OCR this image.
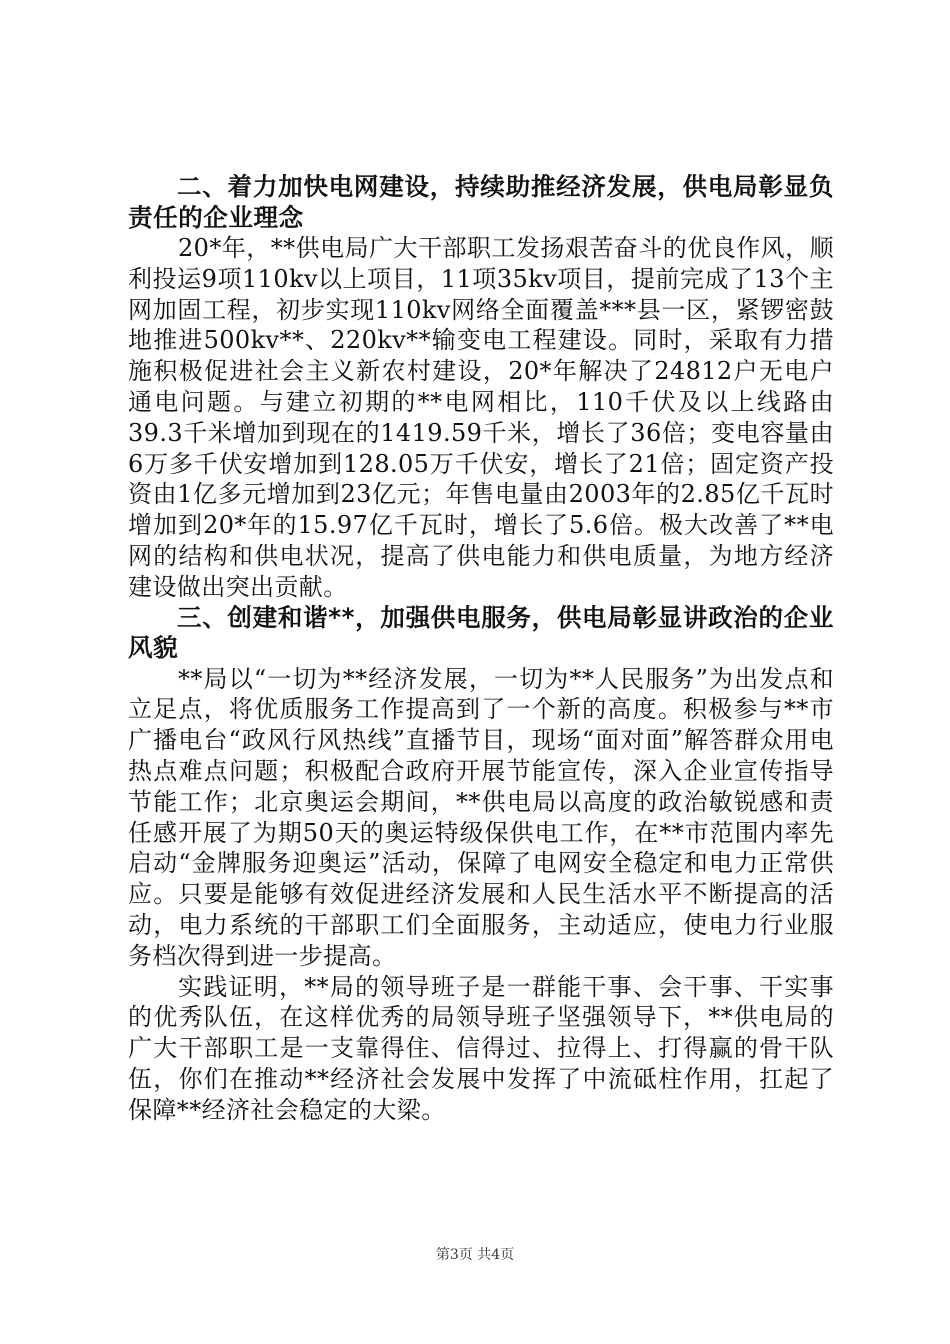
二、着力加快电网建设，持续助推经济发展，供电局彰显负责任的企业理念

20*年，**供电局广大干部职工发扬艰苦奋斗的优良作风，顺利投运9项110kv以上项目，11项35kv项目，提前完成了13个主网加固工程，初步实现110kv网络全面覆盖***县一区，紧锣密鼓地推进500kv**、220kv**输变电工程建设。同时，采取有力措施积极促进社会主义新农村建设，20*年解决了24812户无电户通电问题。与建立初期的**电网相比，110千伏及以上线路由39.3千米增加到现在的1419.59千米，增长了36倍；变电容量由6万多千伏安增加到128.05万千伏安，增长了21倍；固定资产投资由1亿多元增加到23亿元；年售电量由2003年的2.85亿千瓦时增加到20*年的15.97亿千瓦时，增长了5.6倍。极大改善了**电网的结构和供电状况，提高了供电能力和供电质量，为地方经济建设做出突出贡献。

三、创建和谐**，加强供电服务，供电局彰显讲政治的企业风貌

**局以“一切为**经济发展，一切为**人民服务”为出发点和立足点，将优质服务工作提高到了一个新的高度。积极参与**市广播电台“政风行风热线”直播节目，现场“面对面”解答群众用电热点难点问题；积极配合政府开展节能宣传，深入企业宣传指导节能工作；北京奥运会期间，**供电局以高度的政治敏锐感和责任感开展了为期50天的奥运特级保供电工作，在**市范围内率先启动“金牌服务迎奥运”活动，保障了电网安全稳定和电力正常供应。只要是能够有效促进经济发展和人民生活水平不断提高的活动，电力系统的干部职工们全面服务，主动适应，使电力行业服务档次得到进一步提高。

实践证明，**局的领导班子是一群能干事、会干事、干实事的优秀队伍，在这样优秀的局领导班子坚强领导下，**供电局的广大干部职工是一支靠得住、信得过、拉得上、打得赢的骨干队伍，你们在推动**经济社会发展中发挥了中流砥柱作用，扛起了保障**经济社会稳定的大梁。

第3页 共4页
